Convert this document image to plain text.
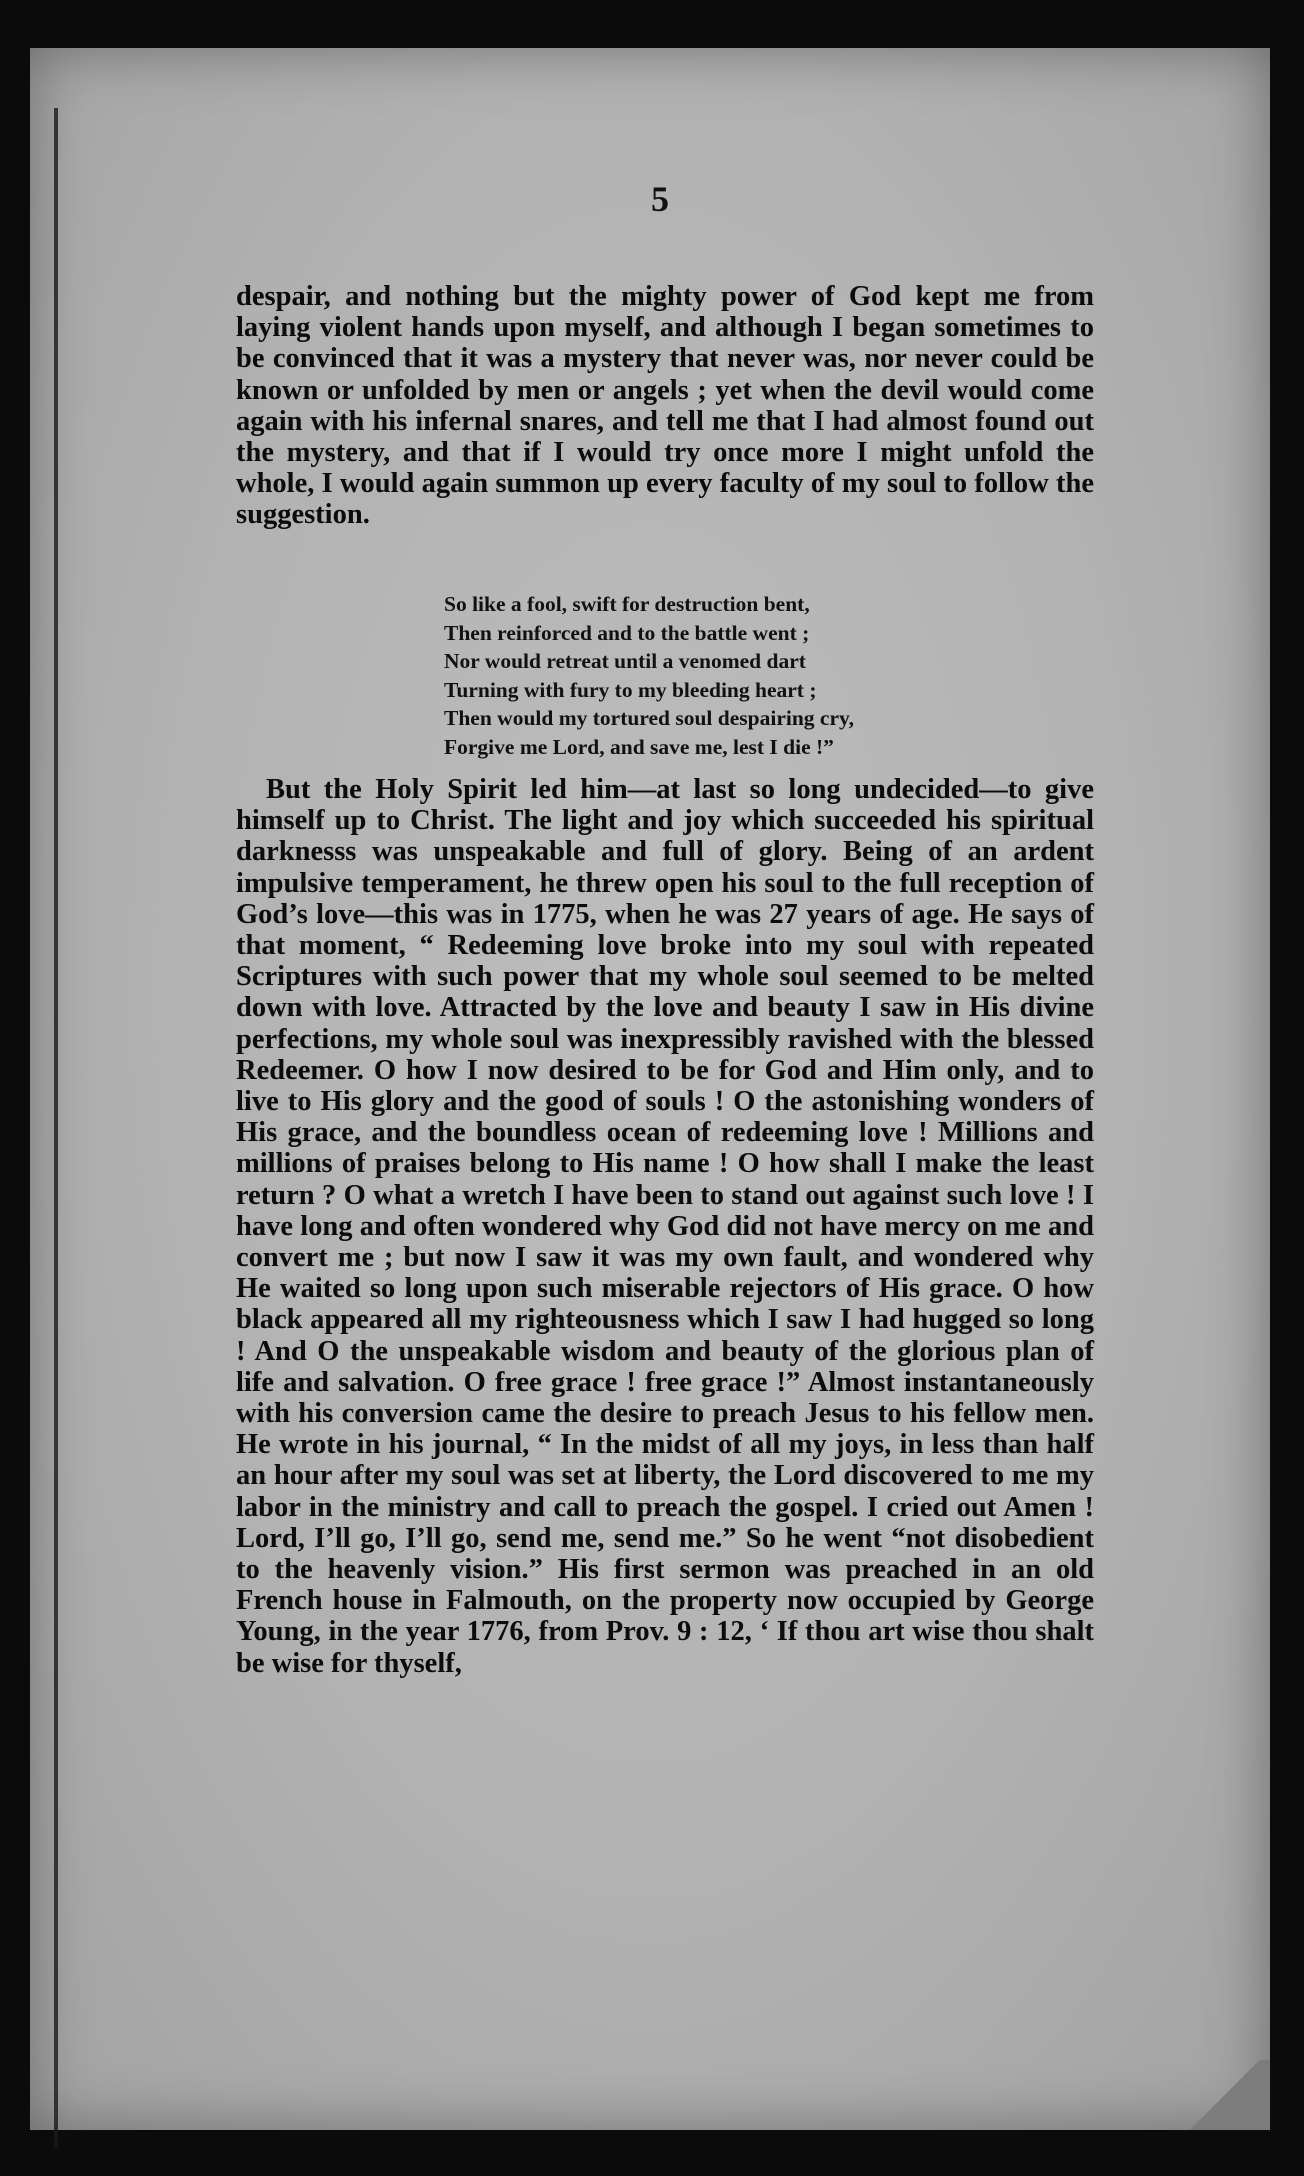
5

despair, and nothing but the mighty power of God kept me from laying violent hands upon myself, and although I began sometimes to be convinced that it was a mystery that never was, nor never could be known or unfolded by men or angels ; yet when the devil would come again with his infernal snares, and tell me that I had almost found out the mystery, and that if I would try once more I might unfold the whole, I would again summon up every faculty of my soul to follow the suggestion.

So like a fool, swift for destruction bent,
Then reinforced and to the battle went ;
Nor would retreat until a venomed dart
Turning with fury to my bleeding heart ;
Then would my tortured soul despairing cry,
Forgive me Lord, and save me, lest I die !”

But the Holy Spirit led him—at last so long undecided—to give himself up to Christ. The light and joy which succeeded his spiritual darknesss was unspeakable and full of glory. Being of an ardent impulsive temperament, he threw open his soul to the full reception of God’s love—this was in 1775, when he was 27 years of age. He says of that moment, “ Redeeming love broke into my soul with repeated Scriptures with such power that my whole soul seemed to be melted down with love. Attracted by the love and beauty I saw in His divine perfections, my whole soul was inexpressibly ravished with the blessed Redeemer. O how I now desired to be for God and Him only, and to live to His glory and the good of souls ! O the astonishing wonders of His grace, and the boundless ocean of redeeming love ! Millions and millions of praises belong to His name ! O how shall I make the least return ? O what a wretch I have been to stand out against such love ! I have long and often wondered why God did not have mercy on me and convert me ; but now I saw it was my own fault, and wondered why He waited so long upon such miserable rejectors of His grace. O how black appeared all my righteousness which I saw I had hugged so long ! And O the unspeakable wisdom and beauty of the glorious plan of life and salvation. O free grace ! free grace !” Almost instantaneously with his conversion came the desire to preach Jesus to his fellow men. He wrote in his journal, “ In the midst of all my joys, in less than half an hour after my soul was set at liberty, the Lord discovered to me my labor in the ministry and call to preach the gospel. I cried out Amen ! Lord, I’ll go, I’ll go, send me, send me.” So he went “not disobedient to the heavenly vision.” His first sermon was preached in an old French house in Falmouth, on the property now occupied by George Young, in the year 1776, from Prov. 9 : 12, ‘ If thou art wise thou shalt be wise for thyself,
